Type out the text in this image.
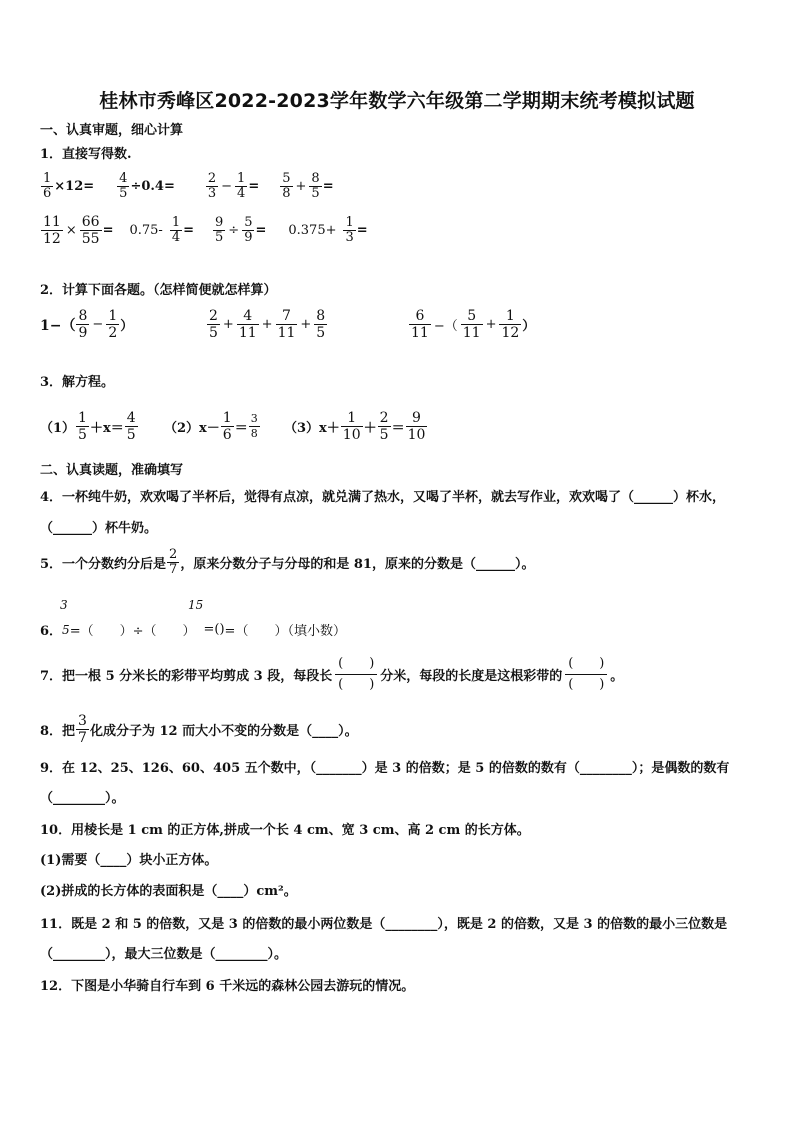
桂林市秀峰区2022-2023学年数学六年级第二学期期末统考模拟试题
一、认真审题，细心计算
1．直接写得数.
$\frac{1}{6} \times 12= \frac{4}{5} \div 0.4= \frac{2}{3} - \frac{1}{4} = \frac{5}{8} + \frac{8}{5}$ =
$\frac{11}{12} \times \frac{66}{55} = 0.75- \frac{1}{4} = \frac{9}{5} \div \frac{5}{9} = 0.375+ \frac{1}{3}$ =
2．计算下面各题。（怎样简便就怎样算）
$1-( \frac{8}{9} - \frac{1}{2}$ ）	$\frac{2}{5} + \frac{4}{11} + \frac{7}{11} + \frac{8}{5}$	$\frac{6}{11}$ −（ $\frac{5}{11} + \frac{1}{12}$ ）
3．解方程。
$(1) \frac{1}{5} +x= \frac{4}{5} (2)x- \frac{1}{6} = \frac{3}{8} (3)x+ \frac{1}{10} + \frac{2}{5} = \frac{9}{10}$
二、认真读题，准确填写
4．一杯纯牛奶，欢欢喝了半杯后，觉得有点凉，就兑满了热水，又喝了半杯，就去写作业，欢欢喝了（______）杯水，
（______）杯牛奶。
5．一个分数约分后是 $\frac{2}{7}$ ，原来分数分子与分母的和是 81，原来的分数是（______）。
3	15
6． 5 =（　　）÷（　　） = () =（　　）（填小数）
7．把一根 5 分米长的彩带平均剪成 3 段，每段长
(　　)
(　　)
分米，每段的长度是这根彩带的
(　　)
(　　)
。
8．把 $\frac{3}{7}$ 化成分子为 12 而大小不变的分数是（____）。
9．在 12、25、126、60、405 五个数中，（_______）是 3 的倍数；是 5 的倍数的数有（________）；是偶数的数有
（________）。
10．用棱长是 1 cm 的正方体,拼成一个长 4 cm、宽 3 cm、高 2 cm 的长方体。
(1)需要（____）块小正方体。
(2)拼成的长方体的表面积是（____）cm²。
11．既是 2 和 5 的倍数，又是 3 的倍数的最小两位数是（________），既是 2 的倍数，又是 3 的倍数的最小三位数是
（________），最大三位数是（________）。
12．下图是小华骑自行车到 6 千米远的森林公园去游玩的情况。
